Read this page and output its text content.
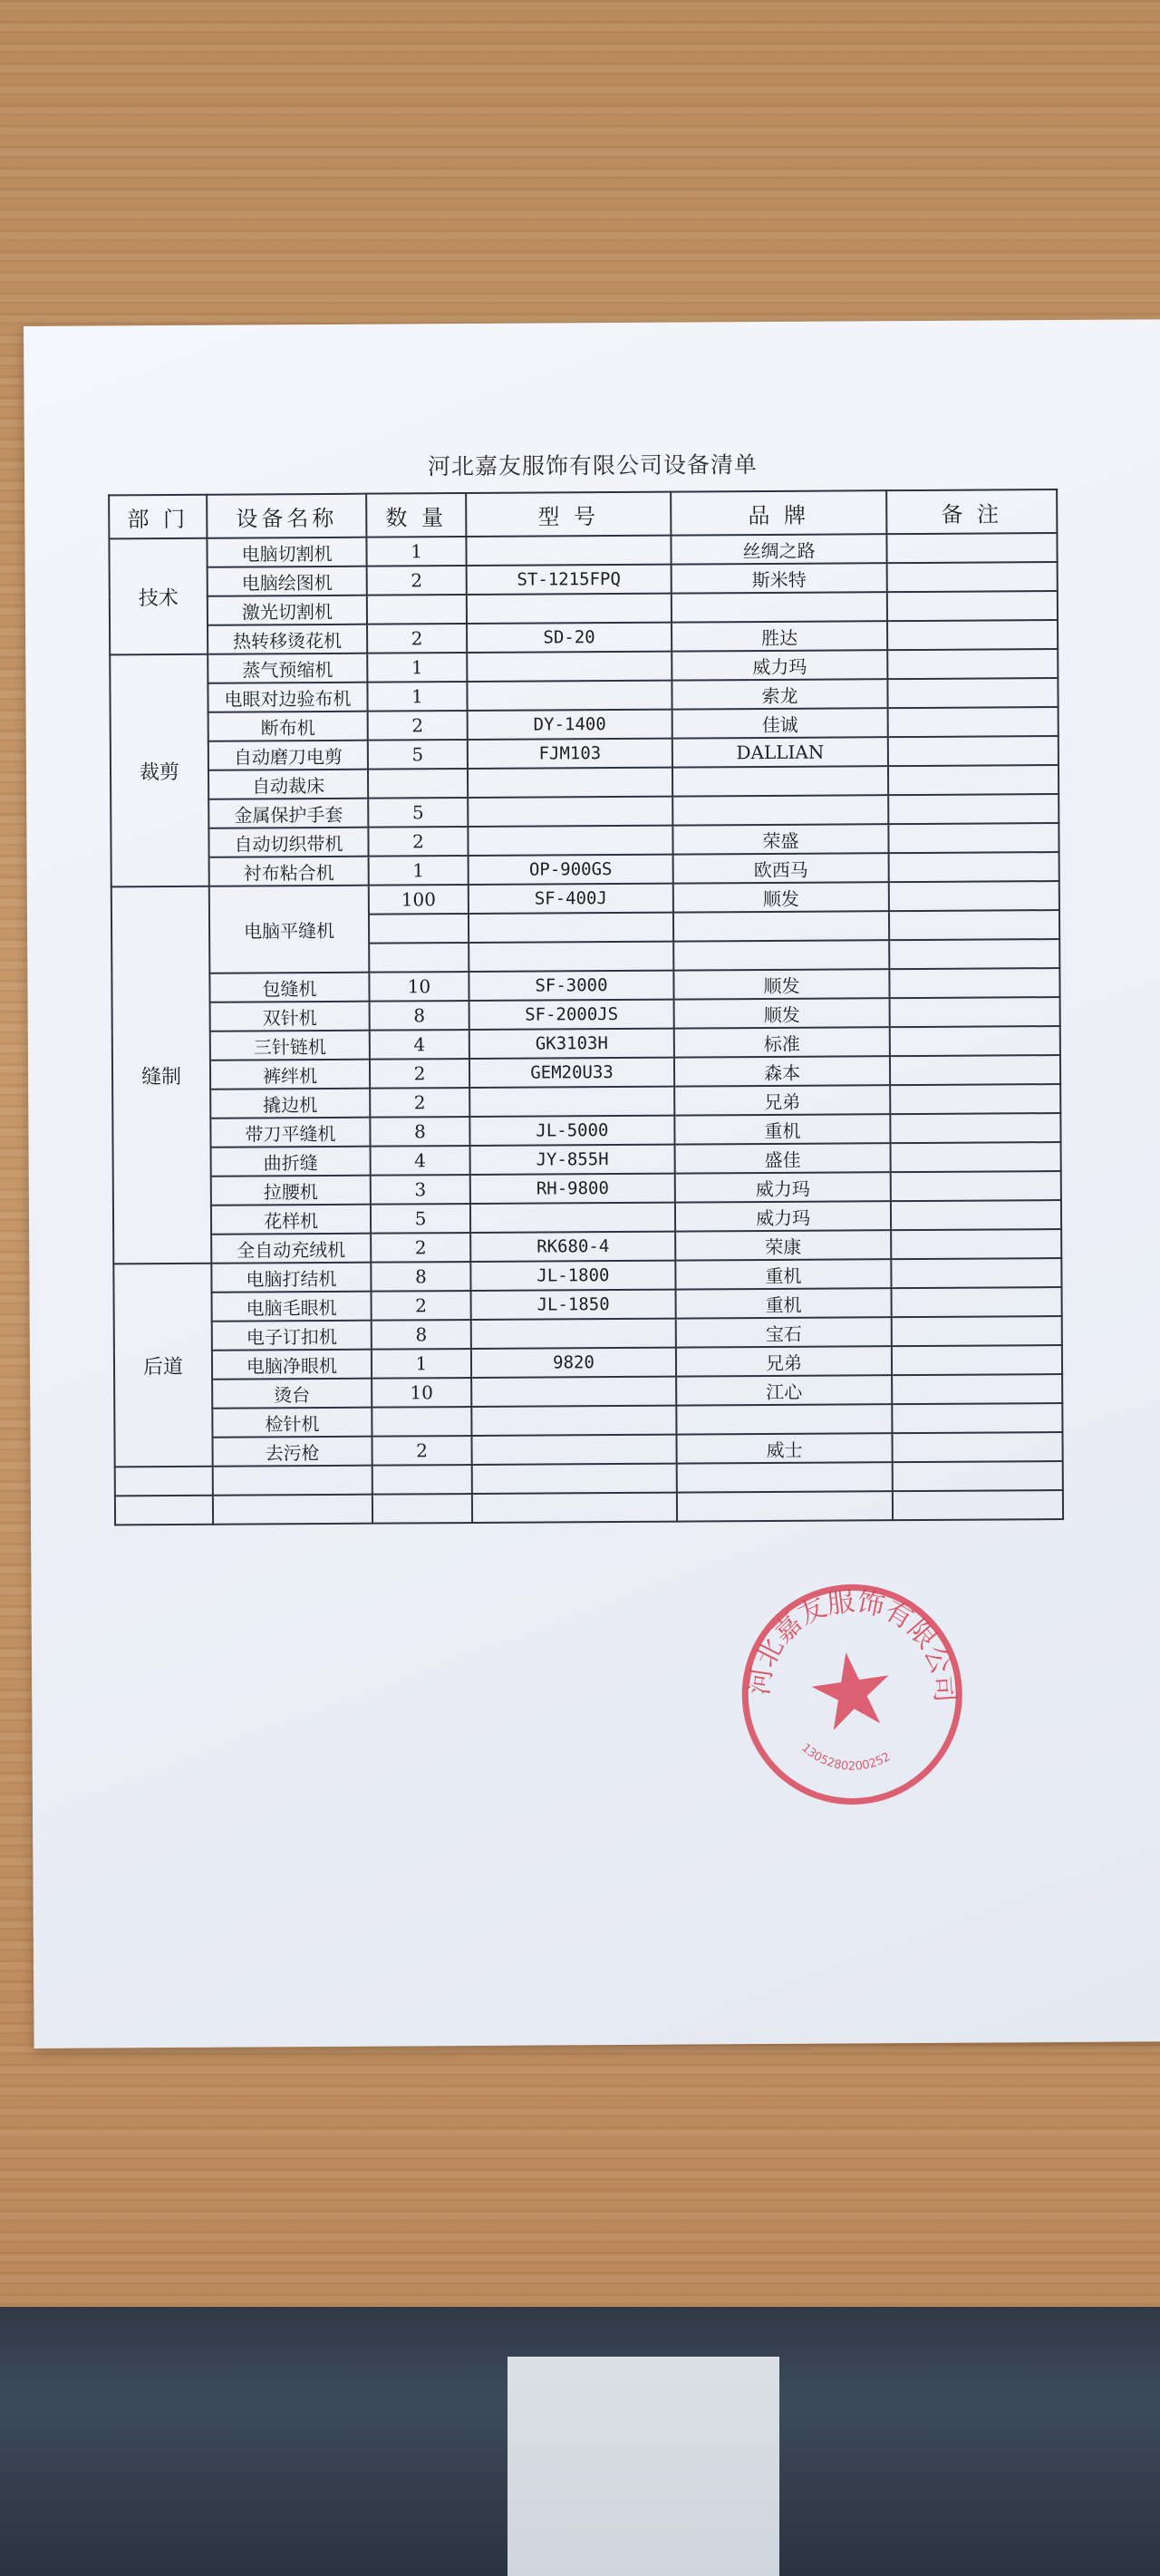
河北嘉友服饰有限公司设备清单
部 门	设备名称	数 量	型 号	品 牌	备 注
技术	电脑切割机	1		丝绸之路	
	电脑绘图机	2	ST-1215FPQ	斯米特	
	激光切割机				
	热转移烫花机	2	SD-20	胜达	
裁剪	蒸气预缩机	1		威力玛	
	电眼对边验布机	1		索龙	
	断布机	2	DY-1400	佳诚	
	自动磨刀电剪	5	FJM103	DALLIAN	
	自动裁床				
	金属保护手套	5			
	自动切织带机	2		荣盛	
	衬布粘合机	1	OP-900GS	欧西马	
缝制	电脑平缝机	100	SF-400J	顺发	

	包缝机	10	SF-3000	顺发	
	双针机	8	SF-2000JS	顺发	
	三针链机	4	GK3103H	标准	
	裤绊机	2	GEM20U33	森本	
	撬边机	2		兄弟	
	带刀平缝机	8	JL-5000	重机	
	曲折缝	4	JY-855H	盛佳	
	拉腰机	3	RH-9800	威力玛	
	花样机	5		威力玛	
	全自动充绒机	2	RK680-4	荣康	
后道	电脑打结机	8	JL-1800	重机	
	电脑毛眼机	2	JL-1850	重机	
	电子订扣机	8		宝石	
	电脑净眼机	1	9820	兄弟	
	烫台	10		江心	
	检针机				
	去污枪	2		威士	

河北嘉友服饰有限公司
1305280200252
